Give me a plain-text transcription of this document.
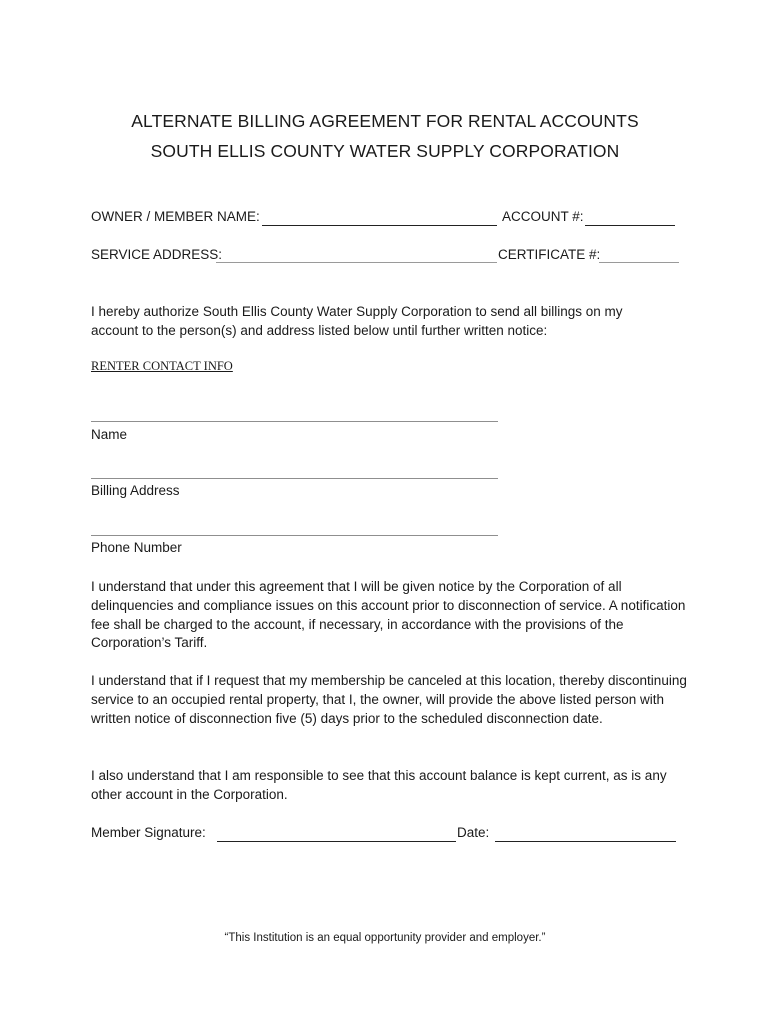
ALTERNATE BILLING AGREEMENT FOR RENTAL ACCOUNTS
SOUTH ELLIS COUNTY WATER SUPPLY CORPORATION
OWNER / MEMBER NAME:	ACCOUNT #:
SERVICE ADDRESS:	CERTIFICATE #:
I hereby authorize South Ellis County Water Supply Corporation to send all billings on my account to the person(s) and address listed below until further written notice:
RENTER CONTACT INFO
Name
Billing Address
Phone Number
I understand that under this agreement that I will be given notice by the Corporation of all delinquencies and compliance issues on this account prior to disconnection of service. A notification fee shall be charged to the account, if necessary, in accordance with the provisions of the Corporation’s Tariff.
I understand that if I request that my membership be canceled at this location, thereby discontinuing service to an occupied rental property, that I, the owner, will provide the above listed person with written notice of disconnection five (5) days prior to the scheduled disconnection date.
I also understand that I am responsible to see that this account balance is kept current, as is any other account in the Corporation.
Member Signature:	Date:
“This Institution is an equal opportunity provider and employer.”
